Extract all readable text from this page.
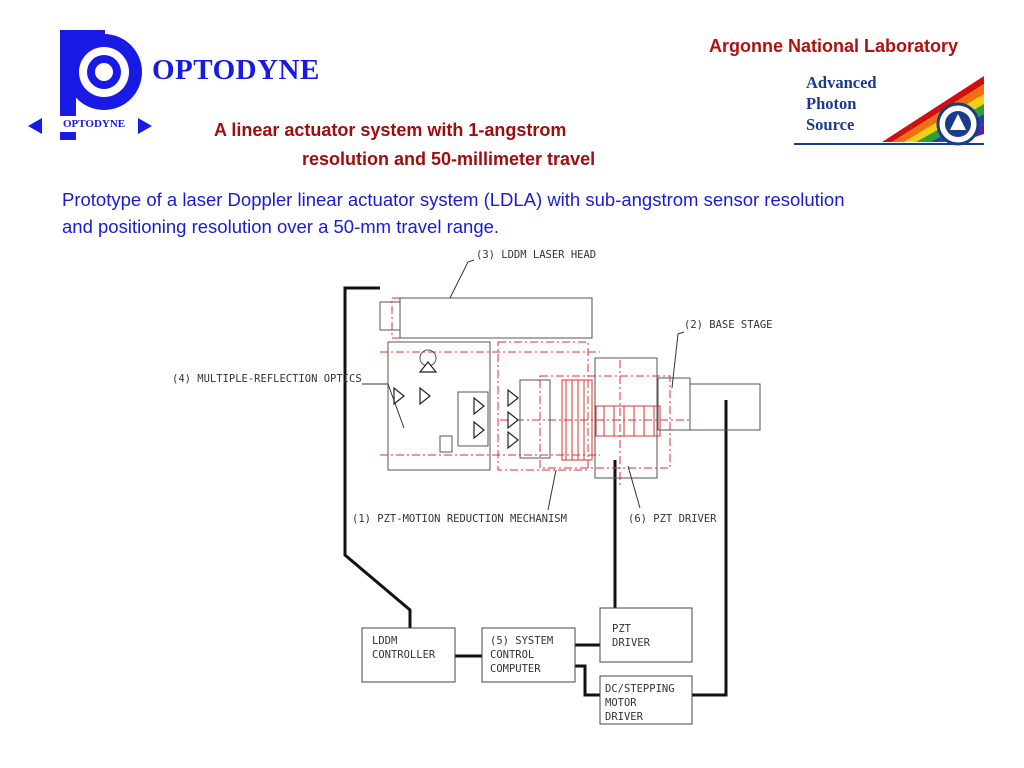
OPTODYNE
OPTODYNE
Argonne National Laboratory
Advanced
Photon
Source
A linear actuator system with 1-angstrom
resolution and 50-millimeter travel
Prototype of a laser Doppler linear actuator system (LDLA) with sub-angstrom sensor resolution and positioning resolution over a 50-mm travel range.
(3) LDDM LASER HEAD
(2) BASE STAGE
(4) MULTIPLE-REFLECTION OPTICS
(1) PZT-MOTION REDUCTION MECHANISM	(6) PZT DRIVER
LDDM
CONTROLLER
(5) SYSTEM
CONTROL
COMPUTER
PZT
DRIVER
DC/STEPPING
MOTOR
DRIVER
